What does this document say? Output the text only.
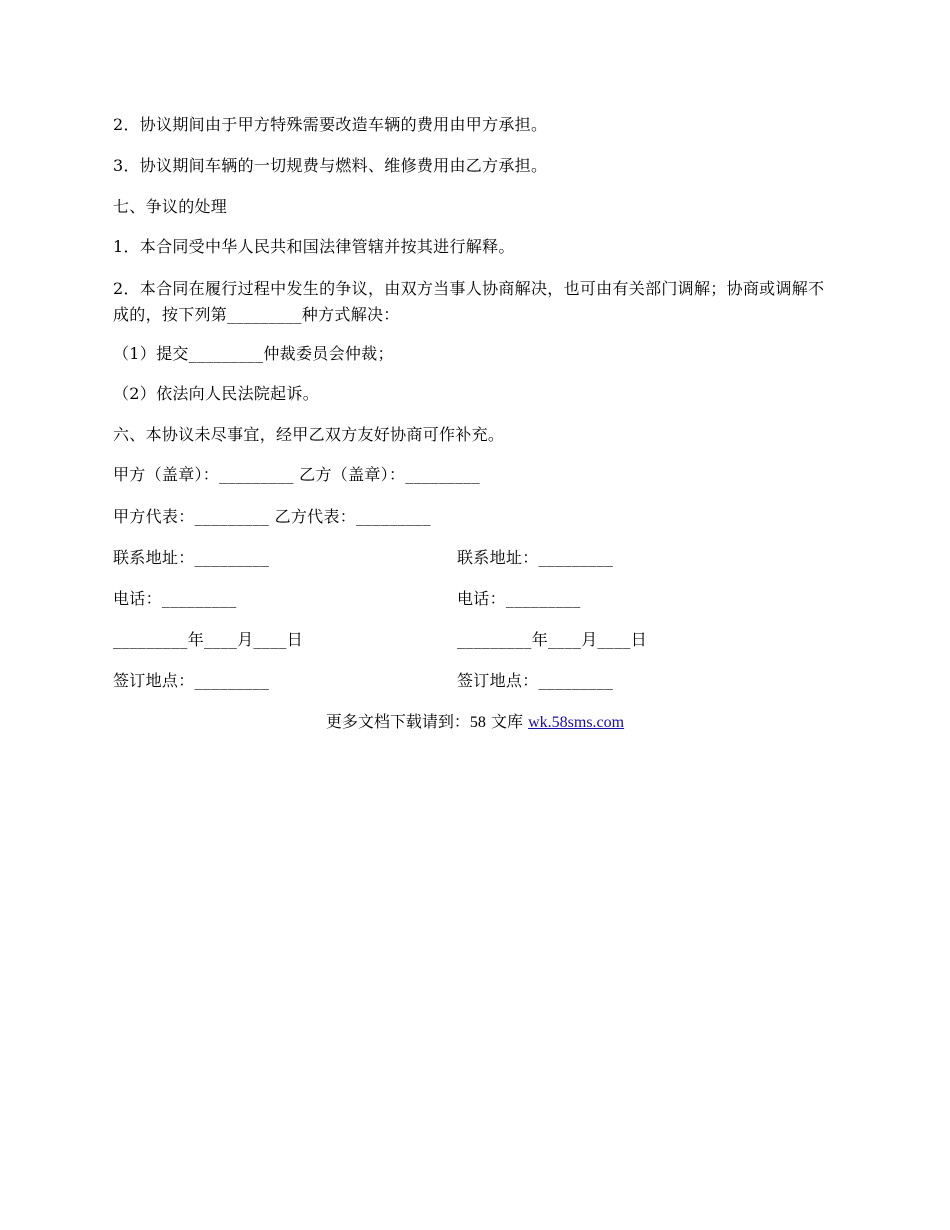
2．协议期间由于甲方特殊需要改造车辆的费用由甲方承担。
3．协议期间车辆的一切规费与燃料、维修费用由乙方承担。
七、争议的处理
1．本合同受中华人民共和国法律管辖并按其进行解释。
2．本合同在履行过程中发生的争议，由双方当事人协商解决，也可由有关部门调解；协商或调解不成的，按下列第_________种方式解决：
（1）提交_________仲裁委员会仲裁；
（2）依法向人民法院起诉。
六、本协议未尽事宜，经甲乙双方友好协商可作补充。
甲方（盖章）：_________ 乙方（盖章）：_________
甲方代表：_________ 乙方代表：_________
联系地址：_________	联系地址：_________
电话：_________	电话：_________
_________年____月____日	_________年____月____日
签订地点：_________	签订地点：_________
更多文档下载请到：58 文库 wk.58sms.com
